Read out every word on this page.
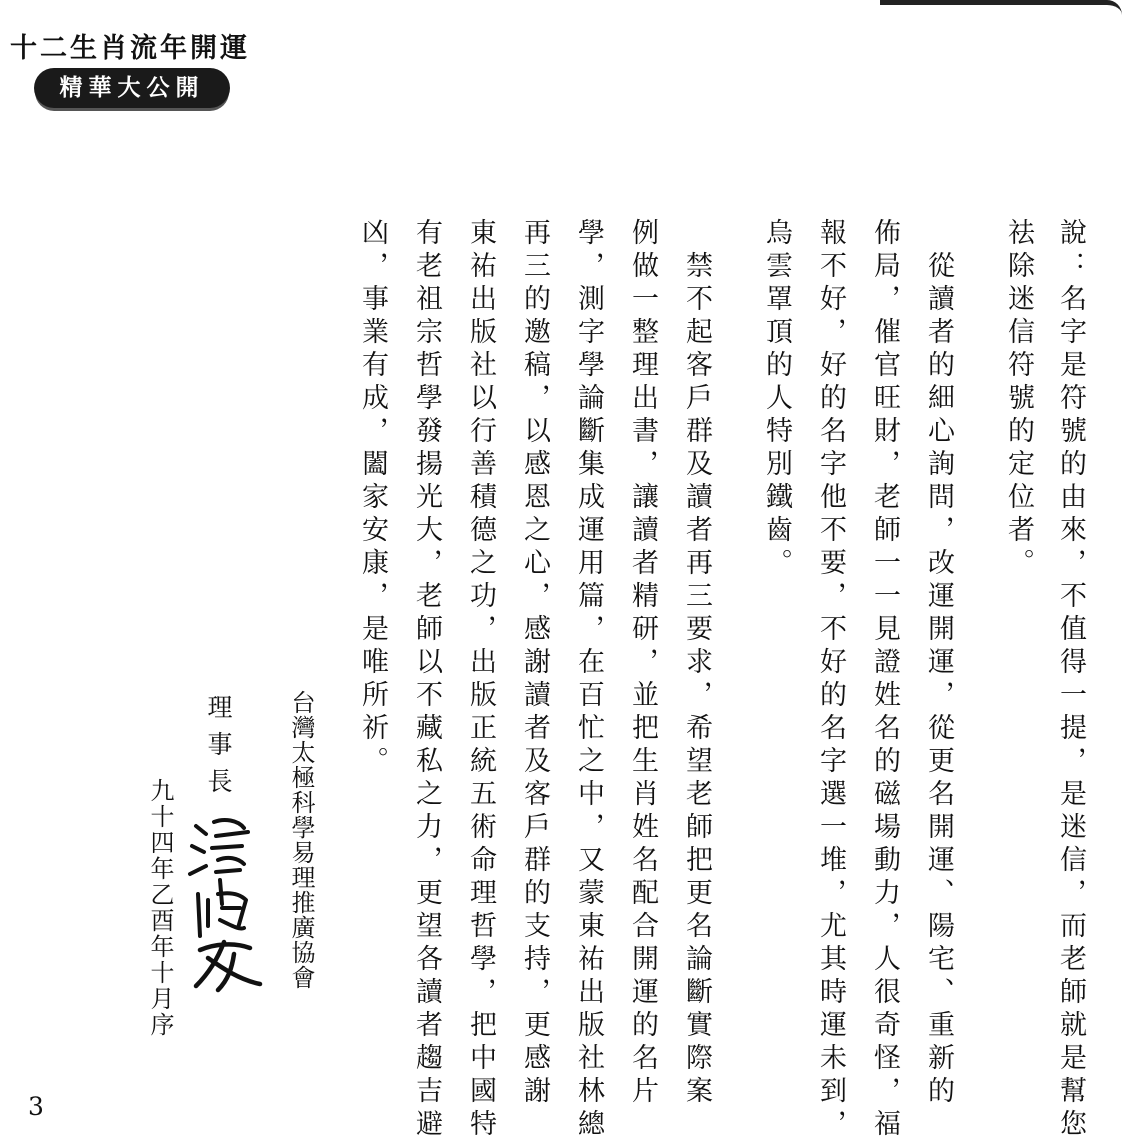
十二生肖流年開運
精華大公開
說：名字是符號的由來，不值得一提，是迷信，而老師就是幫您
祛除迷信符號的定位者。
　從讀者的細心詢問，改運開運，從更名開運、陽宅、重新的
佈局，催官旺財，老師一一見證姓名的磁場動力，人很奇怪，福
報不好，好的名字他不要，不好的名字選一堆，尤其時運未到，
烏雲罩頂的人特別鐵齒。
　禁不起客戶群及讀者再三要求，希望老師把更名論斷實際案
例做一整理出書，讓讀者精研，並把生肖姓名配合開運的名片
學，測字學論斷集成運用篇，在百忙之中，又蒙東祐出版社林總
再三的邀稿，以感恩之心，感謝讀者及客戶群的支持，更感謝
東祐出版社以行善積德之功，出版正統五術命理哲學，把中國特
有老祖宗哲學發揚光大，老師以不藏私之力，更望各讀者趨吉避
凶，事業有成，闔家安康，是唯所祈。
台灣太極科學易理推廣協會
理事長
九十四年乙酉年十月序
3
